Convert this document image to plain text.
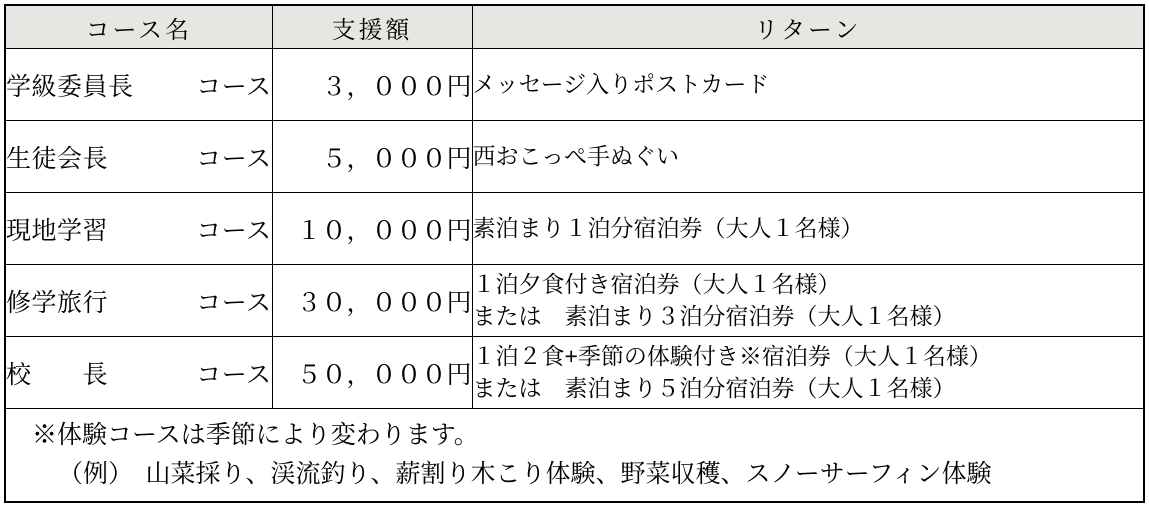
コース名	支援額	リターン

学級委員長 コース	３，０００円	メッセージ入りポストカード

生徒会長 コース	５，０００円	西おこっぺ手ぬぐい

現地学習 コース	１０，０００円	素泊まり１泊分宿泊券（大人１名様）

修学旅行 コース	３０，０００円	１泊夕食付き宿泊券（大人１名様）
または　素泊まり３泊分宿泊券（大人１名様）

校　　長 コース	５０，０００円	１泊２食+季節の体験付き※宿泊券（大人１名様）
または　素泊まり５泊分宿泊券（大人１名様）

※体験コースは季節により変わります。
（例）　山菜採り、渓流釣り、薪割り木こり体験、野菜収穫、スノーサーフィン体験		
